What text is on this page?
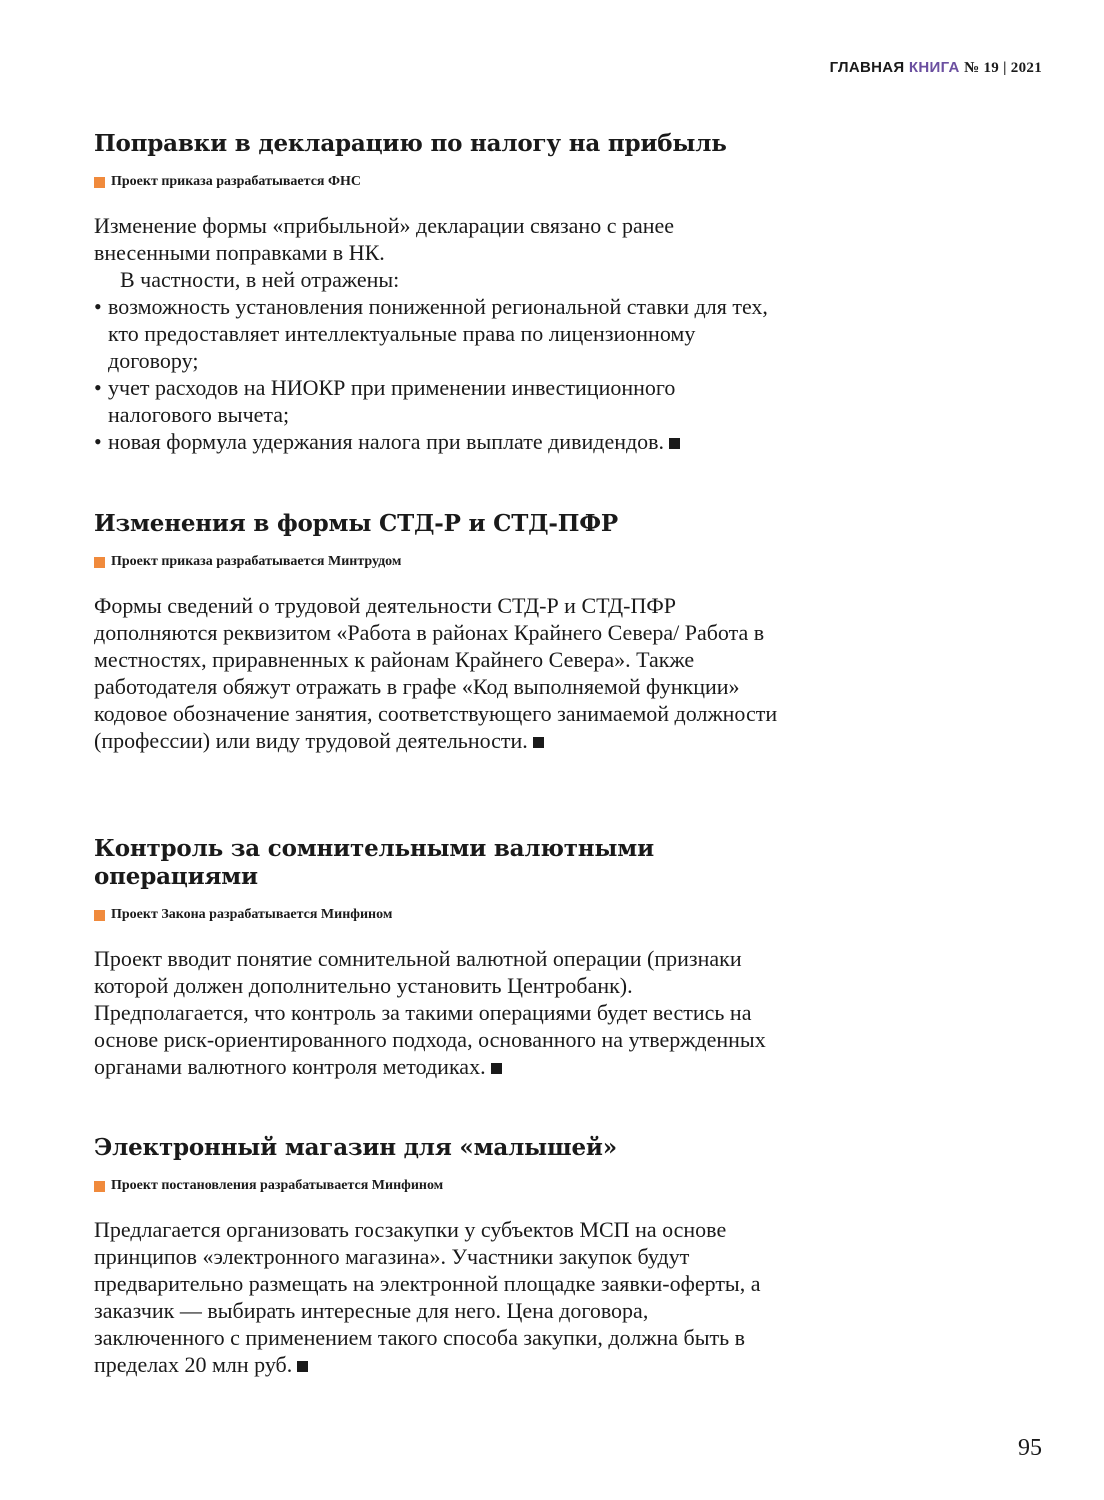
ГЛАВНАЯ КНИГА № 19 | 2021
Поправки в декларацию по налогу на прибыль
Проект приказа разрабатывается ФНС

Изменение формы «прибыльной» декларации связано с ранее внесенными поправками в НК.

В частности, в ней отражены:

• возможность установления пониженной региональной ставки для тех, кто предоставляет интеллектуальные права по лицензионному договору;
• учет расходов на НИОКР при применении инвестиционного налогового вычета;
• новая формула удержания налога при выплате дивидендов.
Изменения в формы СТД-Р и СТД-ПФР
Проект приказа разрабатывается Минтрудом

Формы сведений о трудовой деятельности СТД-Р и СТД-ПФР дополняются реквизитом «Работа в районах Крайнего Севера/ Работа в местностях, приравненных к районам Крайнего Севера». Также работодателя обяжут отражать в графе «Код выполняемой функции» кодовое обозначение занятия, соответствующего занимаемой должности (профессии) или виду трудовой деятельности.

Контроль за сомнительными валютными операциями
Проект Закона разрабатывается Минфином

Проект вводит понятие сомнительной валютной операции (признаки которой должен дополнительно установить Центробанк). Предполагается, что контроль за такими операциями будет вестись на основе риск-ориентированного подхода, основанного на утвержденных органами валютного контроля методиках.

Электронный магазин для «малышей»
Проект постановления разрабатывается Минфином

Предлагается организовать госзакупки у субъектов МСП на основе принципов «электронного магазина». Участники закупок будут предварительно размещать на электронной площадке заявки-оферты, а заказчик — выбирать интересные для него. Цена договора, заключенного с применением такого способа закупки, должна быть в пределах 20 млн руб.

95
